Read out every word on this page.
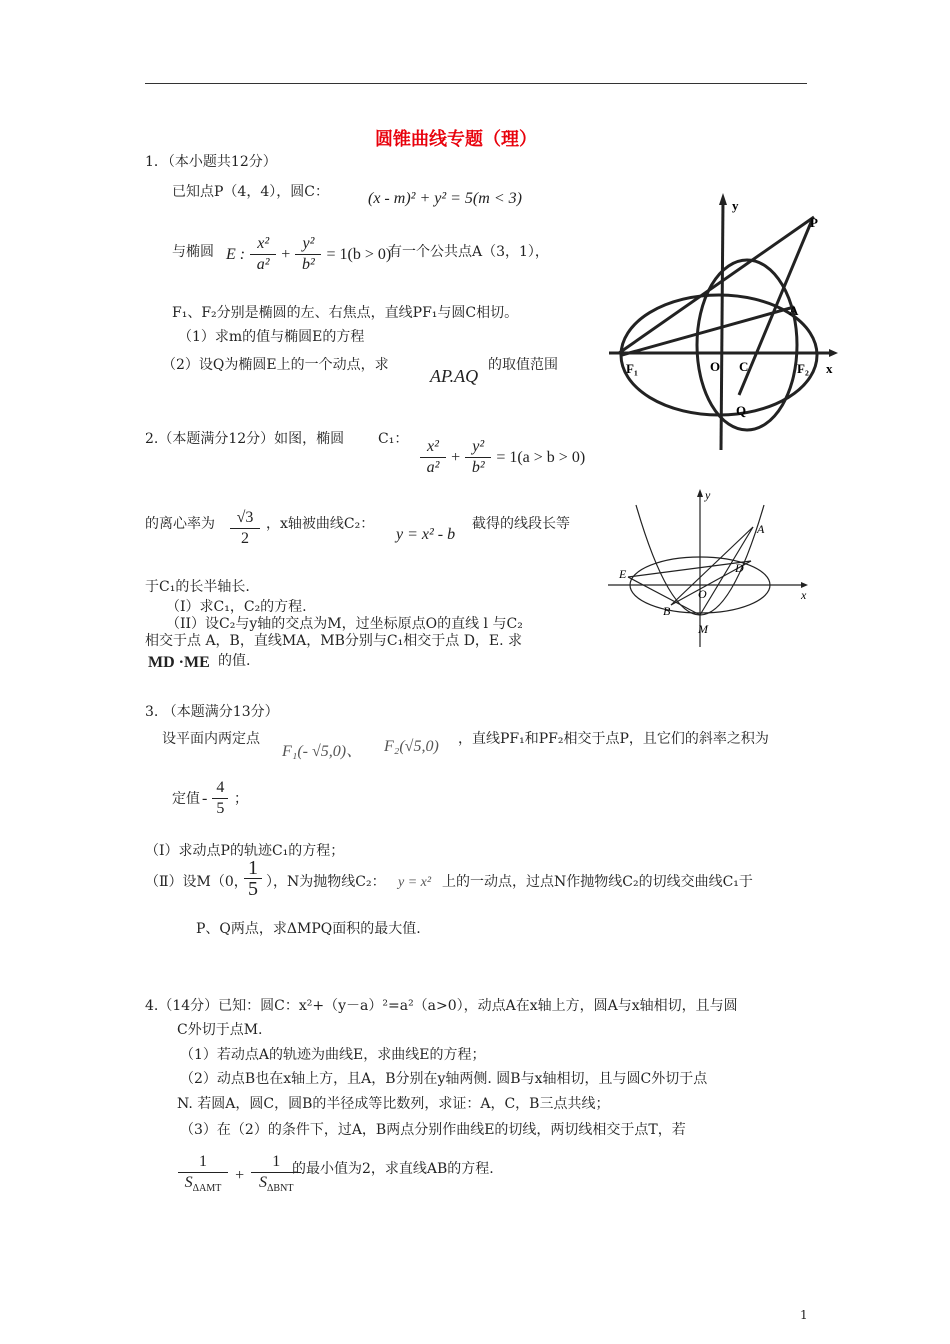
圆锥曲线专题（理）
1．（本小题共12分）
已知点P（4，4），圆C： (x - m)² + y² = 5(m < 3)
与椭圆 E : $\frac{\text{x²}}{\text{a²}} + \frac{\text{y²}}{\text{b²}} = 1(b > 0)$
有一个公共点A（3，1），
F₁、F₂分别是椭圆的左、右焦点，直线PF₁与圆C相切。
（1）求m的值与椭圆E的方程
（2）设Q为椭圆E上的一个动点，求
AP.AQ
的取值范围
y
P
A
F₁	O C	F₂ x
Q
2.（本题满分12分）如图，椭圆 C₁： $\frac{\text{x²}}{\text{a²}} + \frac{\text{y²}}{\text{b²}} = 1(a > b > 0)$
的离心率为 $\frac{√3}{2}$ ，x轴被曲线C₂：
y = x² - b
截得的线段长等
于C₁的长半轴长.
（I）求C₁，C₂的方程.
（II）设C₂与y轴的交点为M，过坐标原点O的直线 l 与C₂
相交于点 A，B，直线MA，MB分别与C₁相交于点 D，E. 求
MD ·ME 的值.
y
A
D
E
O	x
B
M
3. （本题满分13分）
设平面内两定点
F₁(- √5,0)、 F₂(√5,0) ，直线PF₁和PF₂相交于点P，且它们的斜率之积为
定值 - $\frac{4}{5}$ ；
（Ⅰ）求动点P的轨迹C₁的方程；
（Ⅱ）设M（0，
$\frac{1}{5}$ ），N为抛物线C₂： y = x² 上的一动点，过点N作抛物线C₂的切线交曲线C₁于
P、Q两点，求ΔMPQ面积的最大值.
4.（14分）已知：圆C：x²+（y－a）²=a²（a>0），动点A在x轴上方，圆A与x轴相切，且与圆
C外切于点M.
（1）若动点A的轨迹为曲线E，求曲线E的方程；
（2）动点B也在x轴上方，且A，B分别在y轴两侧. 圆B与x轴相切，且与圆C外切于点
N. 若圆A，圆C，圆B的半径成等比数列，求证：A，C，B三点共线；
（3）在（2）的条件下，过A，B两点分别作曲线E的切线，两切线相交于点T，若
$\frac{1}{S_{\Delta AMT}} + \frac{1}{S_{\Delta BNT}}$
的最小值为2，求直线AB的方程.
1
